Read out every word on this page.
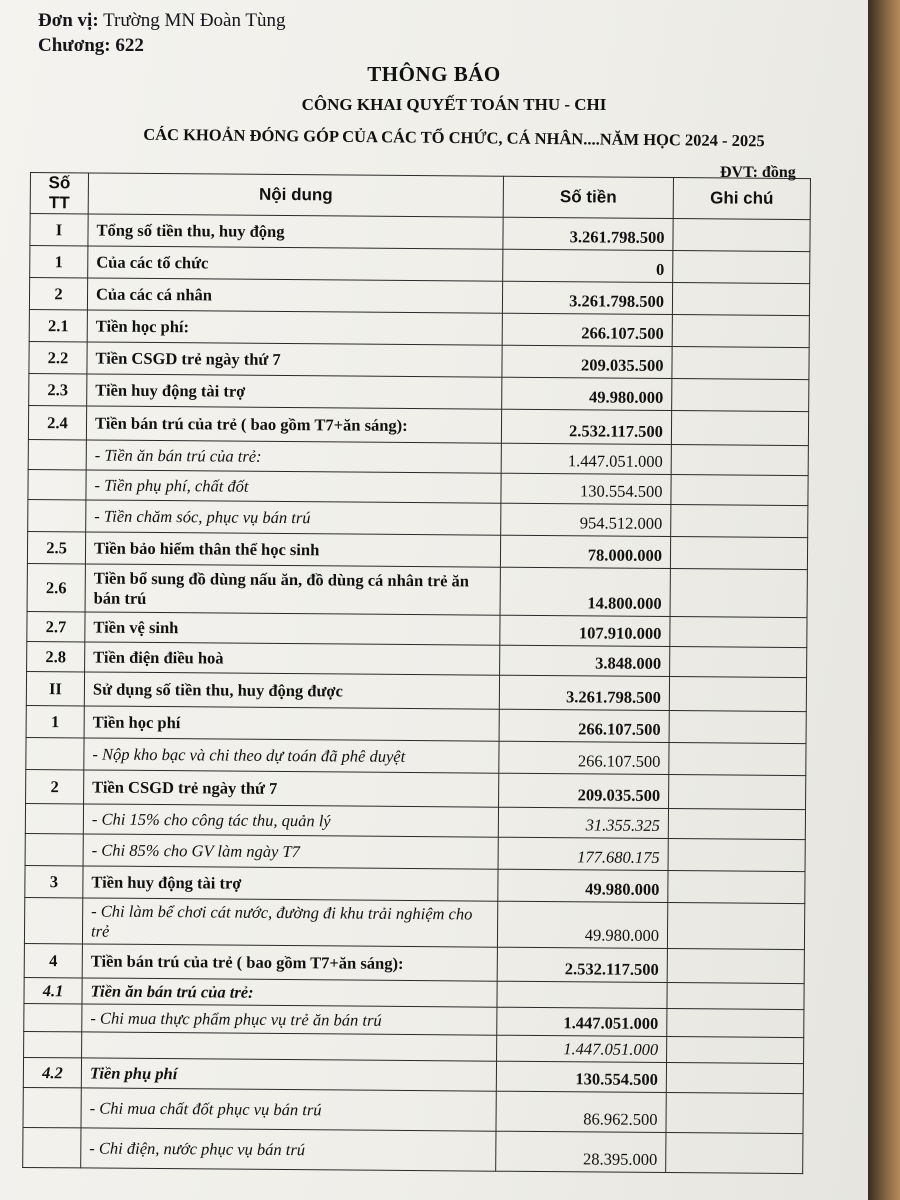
Đơn vị: Trường MN Đoàn Tùng
Chương: 622
THÔNG BÁO
CÔNG KHAI QUYẾT TOÁN THU - CHI
CÁC KHOẢN ĐÓNG GÓP CỦA CÁC TỔ CHỨC, CÁ NHÂN....NĂM HỌC 2024 - 2025
ĐVT: đồng
Số TT	Nội dung	Số tiền	Ghi chú
I	Tổng số tiền thu, huy động	3.261.798.500	
1	Của các tổ chức	0	
2	Của các cá nhân	3.261.798.500	
2.1	Tiền học phí:	266.107.500	
2.2	Tiền CSGD trẻ ngày thứ 7	209.035.500	
2.3	Tiền huy động tài trợ	49.980.000	
2.4	Tiền bán trú của trẻ ( bao gồm T7+ăn sáng):	2.532.117.500	
	- Tiền ăn bán trú của trẻ:	1.447.051.000	
	- Tiền phụ phí, chất đốt	130.554.500	
	- Tiền chăm sóc, phục vụ bán trú	954.512.000	
2.5	Tiền bảo hiểm thân thể học sinh	78.000.000	
2.6	Tiền bổ sung đồ dùng nấu ăn, đồ dùng cá nhân trẻ ăn bán trú	14.800.000	
2.7	Tiền vệ sinh	107.910.000	
2.8	Tiền điện điều hoà	3.848.000	
II	Sử dụng số tiền thu, huy động được	3.261.798.500	
1	Tiền học phí	266.107.500	
	- Nộp kho bạc và chi theo dự toán đã phê duyệt	266.107.500	
2	Tiền CSGD trẻ ngày thứ 7	209.035.500	
	- Chi 15% cho công tác thu, quản lý	31.355.325	
	- Chi 85% cho GV làm ngày T7	177.680.175	
3	Tiền huy động tài trợ	49.980.000	
	- Chi làm bể chơi cát nước, đường đi khu trải nghiệm cho trẻ	49.980.000	
4	Tiền bán trú của trẻ ( bao gồm T7+ăn sáng):	2.532.117.500	
4.1	Tiền ăn bán trú của trẻ:		
	- Chi mua thực phẩm phục vụ trẻ ăn bán trú	1.447.051.000	
		1.447.051.000	
4.2	Tiền phụ phí	130.554.500	
	- Chi mua chất đốt phục vụ bán trú	86.962.500	
	- Chi điện, nước phục vụ bán trú	28.395.000	
